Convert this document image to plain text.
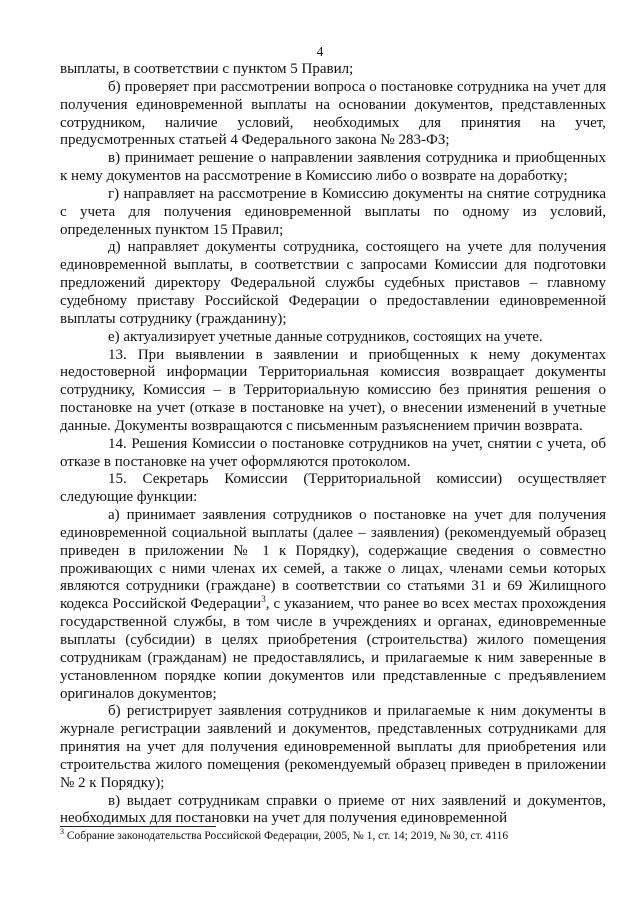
4

выплаты, в соответствии с пунктом 5 Правил;

б) проверяет при рассмотрении вопроса о постановке сотрудника на учет для получения единовременной выплаты на основании документов, представленных сотрудником, наличие условий, необходимых для принятия на учет, предусмотренных статьей 4 Федерального закона № 283-ФЗ;

в) принимает решение о направлении заявления сотрудника и приобщенных к нему документов на рассмотрение в Комиссию либо о возврате на доработку;

г) направляет на рассмотрение в Комиссию документы на снятие сотрудника с учета для получения единовременной выплаты по одному из условий, определенных пунктом 15 Правил;

д) направляет документы сотрудника, состоящего на учете для получения единовременной выплаты, в соответствии с запросами Комиссии для подготовки предложений директору Федеральной службы судебных приставов – главному судебному приставу Российской Федерации о предоставлении единовременной выплаты сотруднику (гражданину);

е) актуализирует учетные данные сотрудников, состоящих на учете.

13. При выявлении в заявлении и приобщенных к нему документах недостоверной информации Территориальная комиссия возвращает документы сотруднику, Комиссия – в Территориальную комиссию без принятия решения о постановке на учет (отказе в постановке на учет), о внесении изменений в учетные данные. Документы возвращаются с письменным разъяснением причин возврата.

14. Решения Комиссии о постановке сотрудников на учет, снятии с учета, об отказе в постановке на учет оформляются протоколом.

15. Секретарь Комиссии (Территориальной комиссии) осуществляет следующие функции:

а) принимает заявления сотрудников о постановке на учет для получения единовременной социальной выплаты (далее – заявления) (рекомендуемый образец приведен в приложении № 1 к Порядку), содержащие сведения о совместно проживающих с ними членах их семей, а также о лицах, членами семьи которых являются сотрудники (граждане) в соответствии со статьями 31 и 69 Жилищного кодекса Российской Федерации$^3$, с указанием, что ранее во всех местах прохождения государственной службы, в том числе в учреждениях и органах, единовременные выплаты (субсидии) в целях приобретения (строительства) жилого помещения сотрудникам (гражданам) не предоставлялись, и прилагаемые к ним заверенные в установленном порядке копии документов или представленные с предъявлением оригиналов документов;

б) регистрирует заявления сотрудников и прилагаемые к ним документы в журнале регистрации заявлений и документов, представленных сотрудниками для принятия на учет для получения единовременной выплаты для приобретения или строительства жилого помещения (рекомендуемый образец приведен в приложении № 2 к Порядку);

в) выдает сотрудникам справки о приеме от них заявлений и документов, необходимых для постановки на учет для получения единовременной

$^3$ Собрание законодательства Российской Федерации, 2005, № 1, ст. 14; 2019, № 30, ст. 4116
